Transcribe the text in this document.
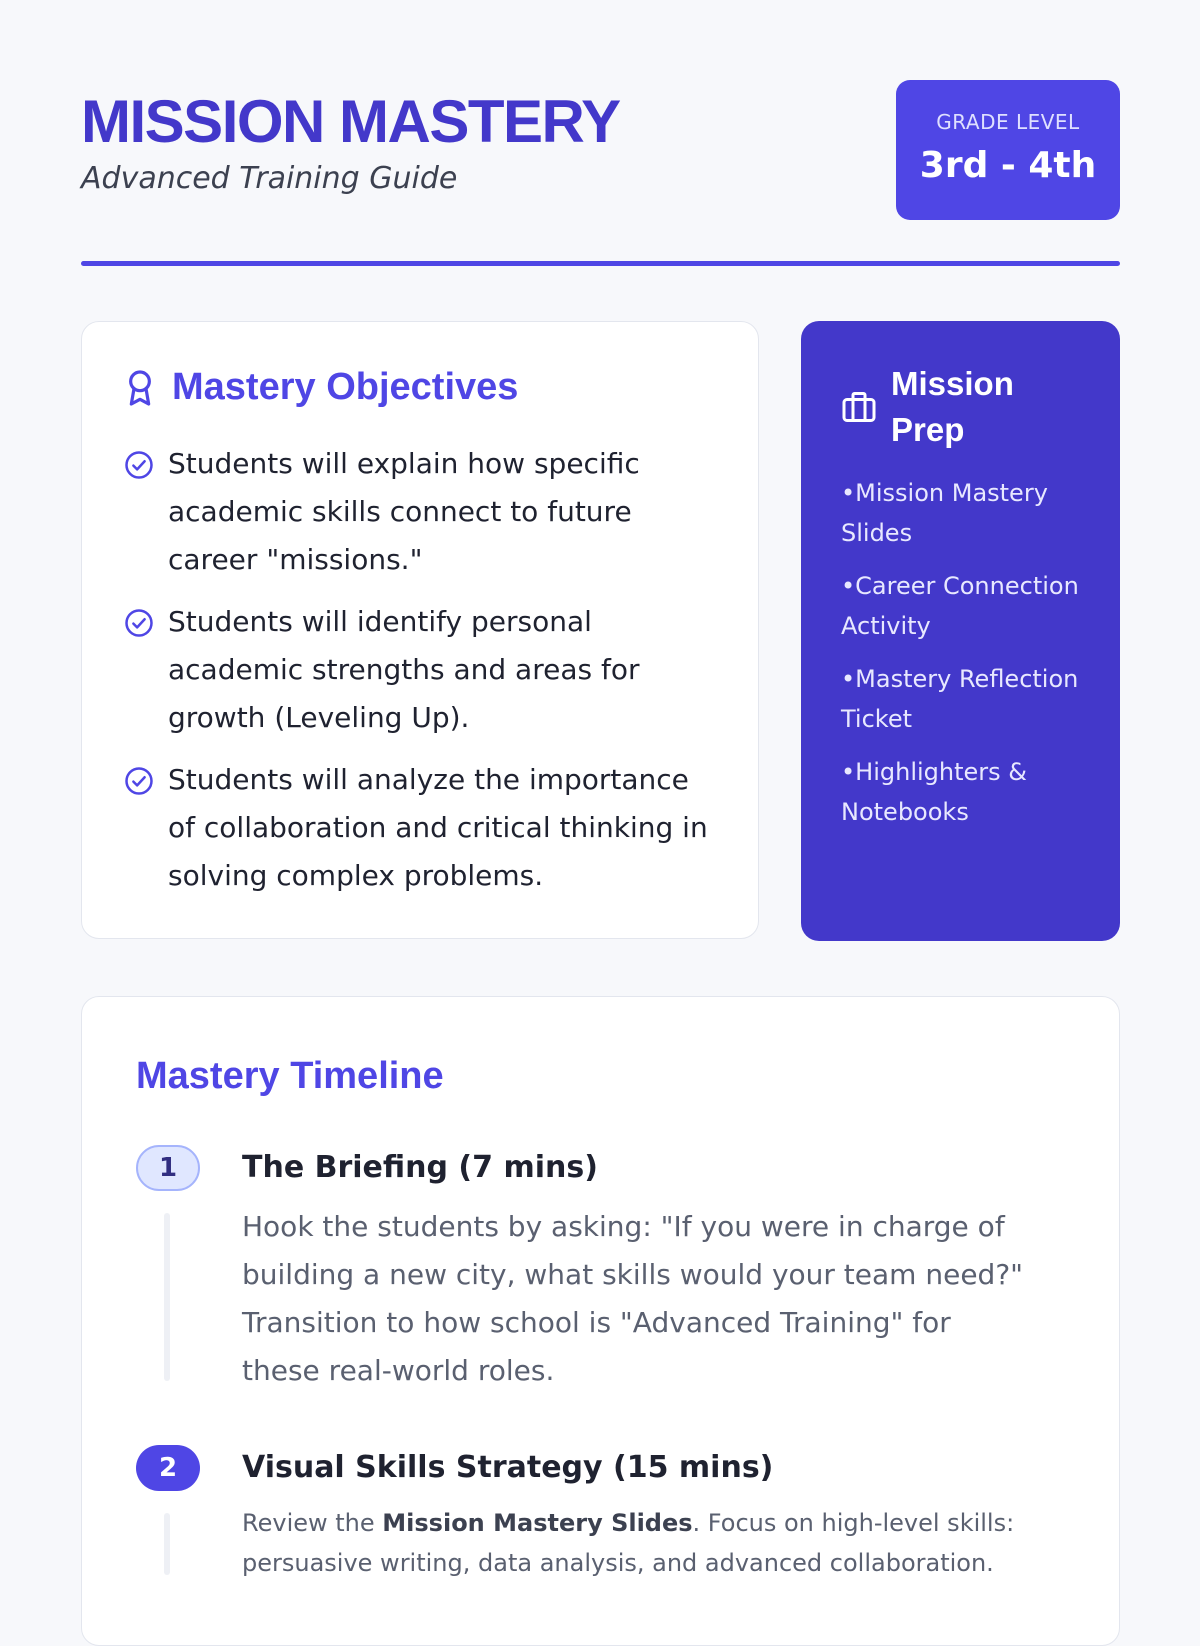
MISSION MASTERY

Advanced Training Guide

GRADE LEVEL
3rd - 4th
Mastery Objectives
Students will explain how specific academic skills connect to future career "missions."
Students will identify personal academic strengths and areas for growth (Leveling Up).
Students will analyze the importance of collaboration and critical thinking in solving complex problems.
Mission Prep
• Mission Mastery Slides
• Career Connection Activity
• Mastery Reflection Ticket
• Highlighters & Notebooks
Mastery Timeline
1	The Briefing (7 mins)

Hook the students by asking: "If you were in charge of building a new city, what skills would your team need?" Transition to how school is "Advanced Training" for these real-world roles.

2	Visual Skills Strategy (15 mins)

Review the Mission Mastery Slides. Focus on high-level skills: persuasive writing, data analysis, and advanced collaboration.
